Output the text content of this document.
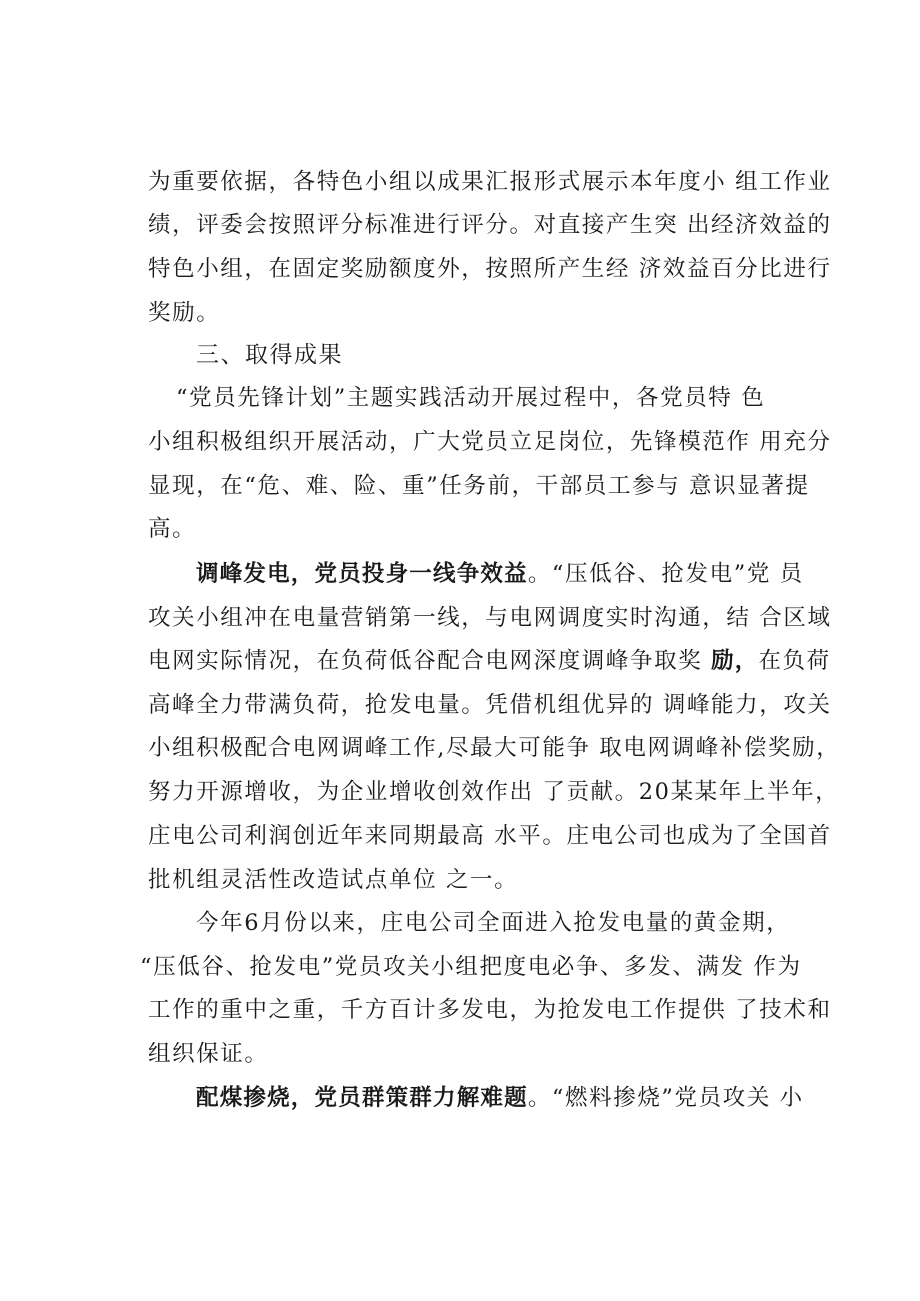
为重要依据，各特色小组以成果汇报形式展示本年度小 组工作业
绩，评委会按照评分标准进行评分。对直接产生突 出经济效益的
特色小组，在固定奖励额度外，按照所产生经 济效益百分比进行
奖励。
三、取得成果
“党员先锋计划”主题实践活动开展过程中，各党员特 色
小组积极组织开展活动，广大党员立足岗位，先锋模范作 用充分
显现，在“危、难、险、重”任务前，干部员工参与 意识显著提
高。
调峰发电，党员投身一线争效益。“压低谷、抢发电”党 员
攻关小组冲在电量营销第一线，与电网调度实时沟通，结 合区域
电网实际情况，在负荷低谷配合电网深度调峰争取奖 励，在负荷
高峰全力带满负荷，抢发电量。凭借机组优异的 调峰能力，攻关
小组积极配合电网调峰工作,尽最大可能争 取电网调峰补偿奖励，
努力开源增收，为企业增收创效作出 了贡献。20某某年上半年，
庄电公司利润创近年来同期最高 水平。庄电公司也成为了全国首
批机组灵活性改造试点单位 之一。
今年6月份以来，庄电公司全面进入抢发电量的黄金期，
“压低谷、抢发电”党员攻关小组把度电必争、多发、满发 作为
工作的重中之重，千方百计多发电，为抢发电工作提供 了技术和
组织保证。
配煤掺烧，党员群策群力解难题。“燃料掺烧”党员攻关 小
